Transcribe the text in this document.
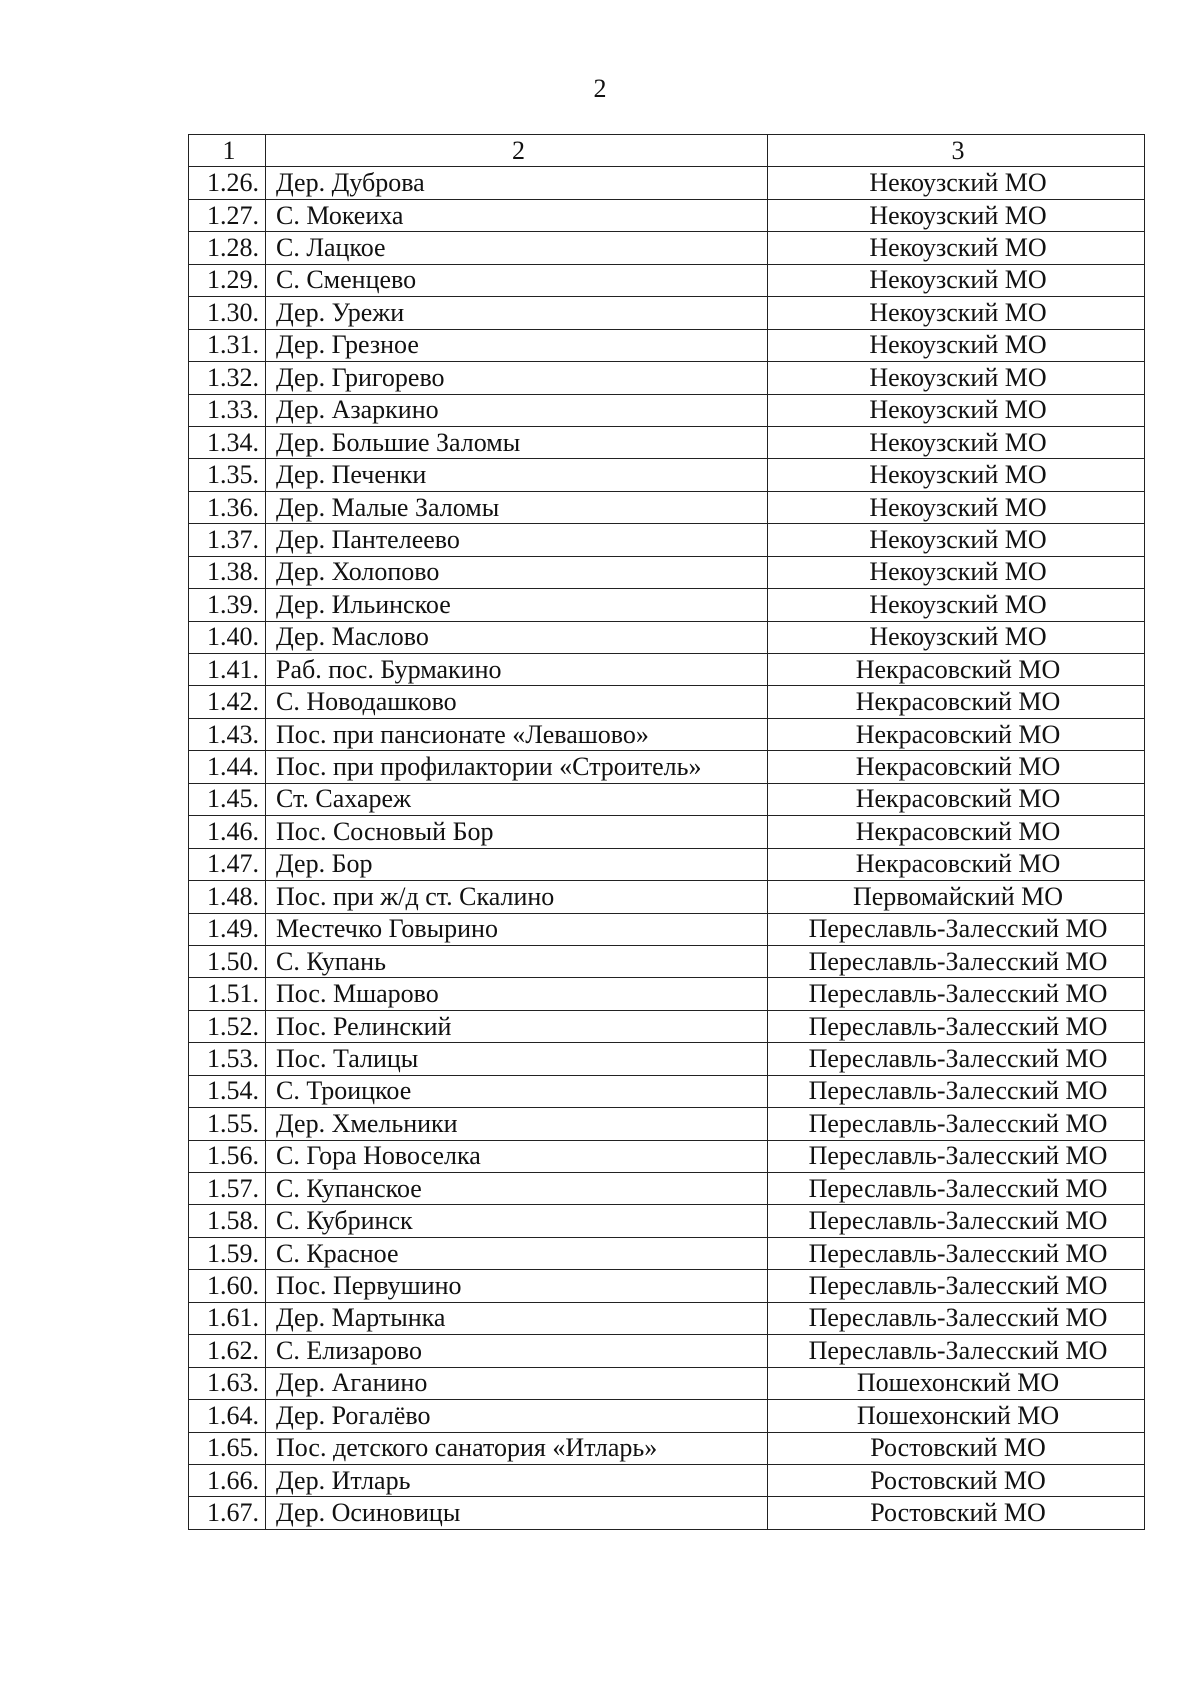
2
1	2	3
1.26.	Дер. Дуброва	Некоузский МО
1.27.	С. Мокеиха	Некоузский МО
1.28.	С. Лацкое	Некоузский МО
1.29.	С. Сменцево	Некоузский МО
1.30.	Дер. Урежи	Некоузский МО
1.31.	Дер. Грезное	Некоузский МО
1.32.	Дер. Григорево	Некоузский МО
1.33.	Дер. Азаркино	Некоузский МО
1.34.	Дер. Большие Заломы	Некоузский МО
1.35.	Дер. Печенки	Некоузский МО
1.36.	Дер. Малые Заломы	Некоузский МО
1.37.	Дер. Пантелеево	Некоузский МО
1.38.	Дер. Холопово	Некоузский МО
1.39.	Дер. Ильинское	Некоузский МО
1.40.	Дер. Маслово	Некоузский МО
1.41.	Раб. пос. Бурмакино	Некрасовский МО
1.42.	С. Новодашково	Некрасовский МО
1.43.	Пос. при пансионате «Левашово»	Некрасовский МО
1.44.	Пос. при профилактории «Строитель»	Некрасовский МО
1.45.	Ст. Сахареж	Некрасовский МО
1.46.	Пос. Сосновый Бор	Некрасовский МО
1.47.	Дер. Бор	Некрасовский МО
1.48.	Пос. при ж/д ст. Скалино	Первомайский МО
1.49.	Местечко Говырино	Переславль-Залесский МО
1.50.	С. Купань	Переславль-Залесский МО
1.51.	Пос. Мшарово	Переславль-Залесский МО
1.52.	Пос. Релинский	Переславль-Залесский МО
1.53.	Пос. Талицы	Переславль-Залесский МО
1.54.	С. Троицкое	Переславль-Залесский МО
1.55.	Дер. Хмельники	Переславль-Залесский МО
1.56.	С. Гора Новоселка	Переславль-Залесский МО
1.57.	С. Купанское	Переславль-Залесский МО
1.58.	С. Кубринск	Переславль-Залесский МО
1.59.	С. Красное	Переславль-Залесский МО
1.60.	Пос. Первушино	Переславль-Залесский МО
1.61.	Дер. Мартынка	Переславль-Залесский МО
1.62.	С. Елизарово	Переславль-Залесский МО
1.63.	Дер. Аганино	Пошехонский МО
1.64.	Дер. Рогалёво	Пошехонский МО
1.65.	Пос. детского санатория «Итларь»	Ростовский МО
1.66.	Дер. Итларь	Ростовский МО
1.67.	Дер. Осиновицы	Ростовский МО
